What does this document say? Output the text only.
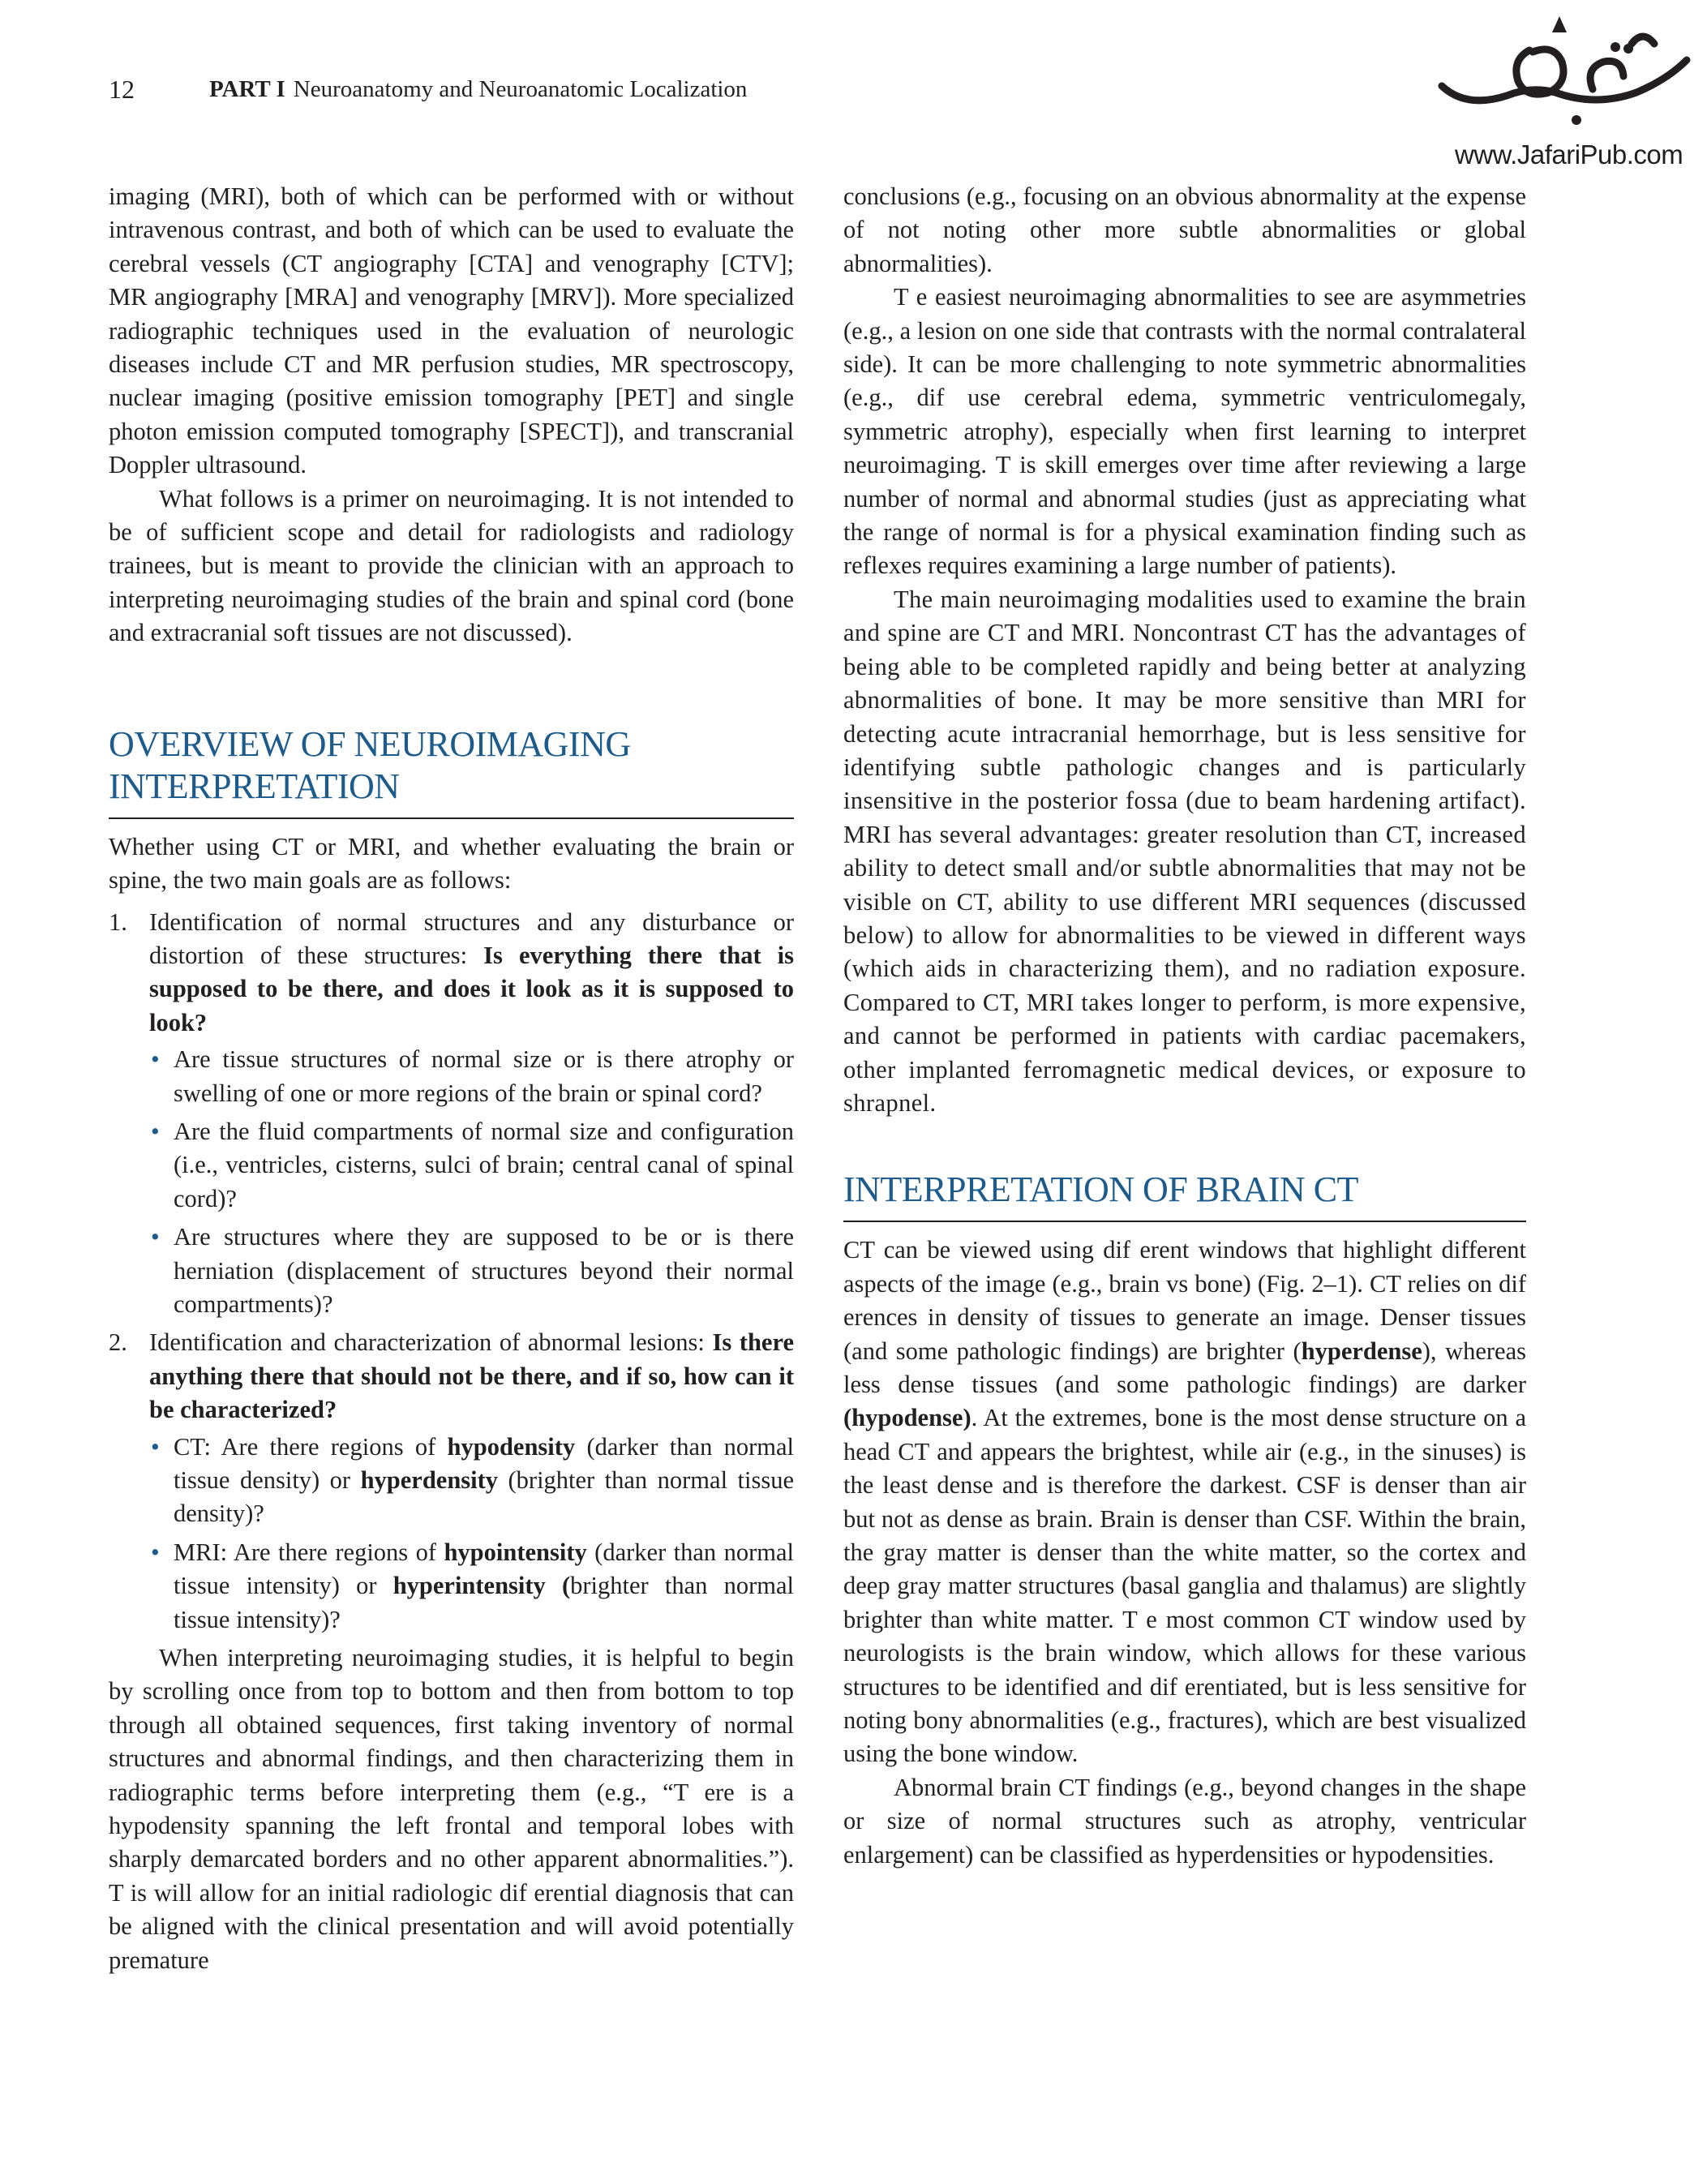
12	PART I Neuroanatomy and Neuroanatomic Localization
www.JafariPub.com

imaging (MRI), both of which can be performed with or without intravenous contrast, and both of which can be used to evaluate the cerebral vessels (CT angiography [CTA] and venography [CTV]; MR angiography [MRA] and venography [MRV]). More specialized radiographic techniques used in the evaluation of neurologic diseases include CT and MR perfusion studies, MR spectroscopy, nuclear imaging (positive emission tomography [PET] and single photon emission computed tomography [SPECT]), and transcranial Doppler ultrasound.

What follows is a primer on neuroimaging. It is not intended to be of sufficient scope and detail for radiologists and radiology trainees, but is meant to provide the clinician with an approach to interpreting neuroimaging studies of the brain and spinal cord (bone and extracranial soft tissues are not discussed).

OVERVIEW OF NEUROIMAGING INTERPRETATION

Whether using CT or MRI, and whether evaluating the brain or spine, the two main goals are as follows:

1. Identification of normal structures and any disturbance or distortion of these structures: Is everything there that is supposed to be there, and does it look as it is supposed to look?
• Are tissue structures of normal size or is there atrophy or swelling of one or more regions of the brain or spinal cord?
• Are the fluid compartments of normal size and configuration (i.e., ventricles, cisterns, sulci of brain; central canal of spinal cord)?
• Are structures where they are supposed to be or is there herniation (displacement of structures beyond their normal compartments)?
2. Identification and characterization of abnormal lesions: Is there anything there that should not be there, and if so, how can it be characterized?
• CT: Are there regions of hypodensity (darker than normal tissue density) or hyperdensity (brighter than normal tissue density)?
• MRI: Are there regions of hypointensity (darker than normal tissue intensity) or hyperintensity (brighter than normal tissue intensity)?

When interpreting neuroimaging studies, it is helpful to begin by scrolling once from top to bottom and then from bottom to top through all obtained sequences, first taking inventory of normal structures and abnormal findings, and then characterizing them in radiographic terms before interpreting them (e.g., “T ere is a hypodensity spanning the left frontal and temporal lobes with sharply demarcated borders and no other apparent abnormalities.”). T is will allow for an initial radiologic dif erential diagnosis that can be aligned with the clinical presentation and will avoid potentially premature

conclusions (e.g., focusing on an obvious abnormality at the expense of not noting other more subtle abnormalities or global abnormalities).

T e easiest neuroimaging abnormalities to see are asymmetries (e.g., a lesion on one side that contrasts with the normal contralateral side). It can be more challenging to note symmetric abnormalities (e.g., dif use cerebral edema, symmetric ventriculomegaly, symmetric atrophy), especially when first learning to interpret neuroimaging. T is skill emerges over time after reviewing a large number of normal and abnormal studies (just as appreciating what the range of normal is for a physical examination finding such as reflexes requires examining a large number of patients).

The main neuroimaging modalities used to examine the brain and spine are CT and MRI. Noncontrast CT has the advantages of being able to be completed rapidly and being better at analyzing abnormalities of bone. It may be more sensitive than MRI for detecting acute intracranial hemorrhage, but is less sensitive for identifying subtle pathologic changes and is particularly insensitive in the posterior fossa (due to beam hardening artifact). MRI has several advantages: greater resolution than CT, increased ability to detect small and/or subtle abnormalities that may not be visible on CT, ability to use different MRI sequences (discussed below) to allow for abnormalities to be viewed in different ways (which aids in characterizing them), and no radiation exposure. Compared to CT, MRI takes longer to perform, is more expensive, and cannot be performed in patients with cardiac pacemakers, other implanted ferromagnetic medical devices, or exposure to shrapnel.

INTERPRETATION OF BRAIN CT

CT can be viewed using dif erent windows that highlight different aspects of the image (e.g., brain vs bone) (Fig. 2–1). CT relies on dif erences in density of tissues to generate an image. Denser tissues (and some pathologic findings) are brighter (hyperdense), whereas less dense tissues (and some pathologic findings) are darker (hypodense). At the extremes, bone is the most dense structure on a head CT and appears the brightest, while air (e.g., in the sinuses) is the least dense and is therefore the darkest. CSF is denser than air but not as dense as brain. Brain is denser than CSF. Within the brain, the gray matter is denser than the white matter, so the cortex and deep gray matter structures (basal ganglia and thalamus) are slightly brighter than white matter. T e most common CT window used by neurologists is the brain window, which allows for these various structures to be identified and dif erentiated, but is less sensitive for noting bony abnormalities (e.g., fractures), which are best visualized using the bone window.

Abnormal brain CT findings (e.g., beyond changes in the shape or size of normal structures such as atrophy, ventricular enlargement) can be classified as hyperdensities or hypodensities.
